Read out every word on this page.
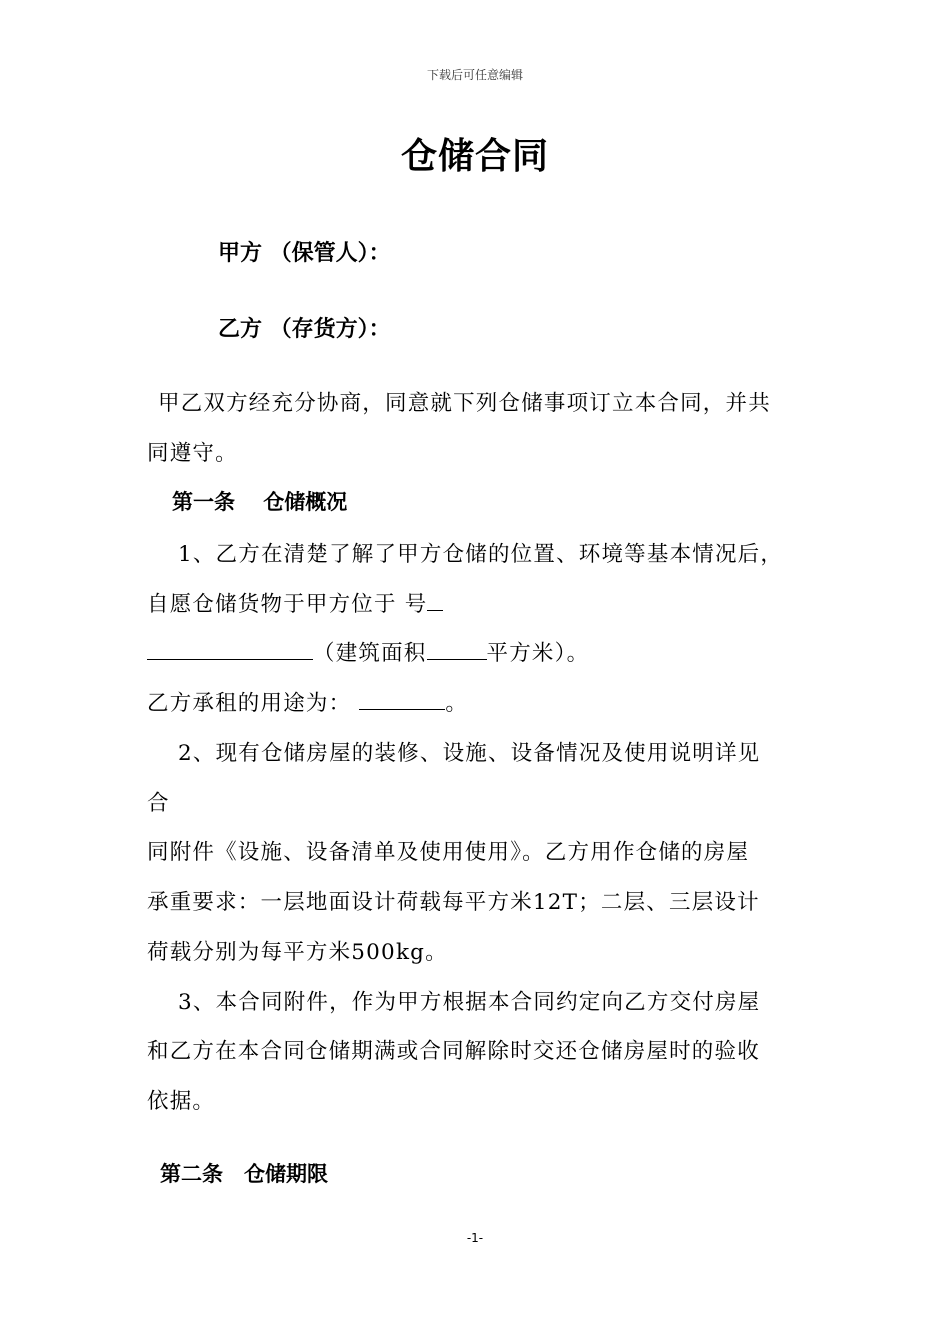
下载后可任意编辑
仓储合同
甲方 （保管人）：
乙方 （存货方）：
甲乙双方经充分协商，同意就下列仓储事项订立本合同，并共
同遵守。
第一条　 仓储概况
1、乙方在清楚了解了甲方仓储的位置、环境等基本情况后，
自愿仓储货物于甲方位于 号
（建筑面积	平方米）。
乙方承租的用途为：	。
2、现有仓储房屋的装修、设施、设备情况及使用说明详见
合
同附件《设施、设备清单及使用使用》。乙方用作仓储的房屋
承重要求：一层地面设计荷载每平方米12T；二层、三层设计
荷载分别为每平方米500kg。
3、本合同附件，作为甲方根据本合同约定向乙方交付房屋
和乙方在本合同仓储期满或合同解除时交还仓储房屋时的验收
依据。
第二条　仓储期限
-1-
